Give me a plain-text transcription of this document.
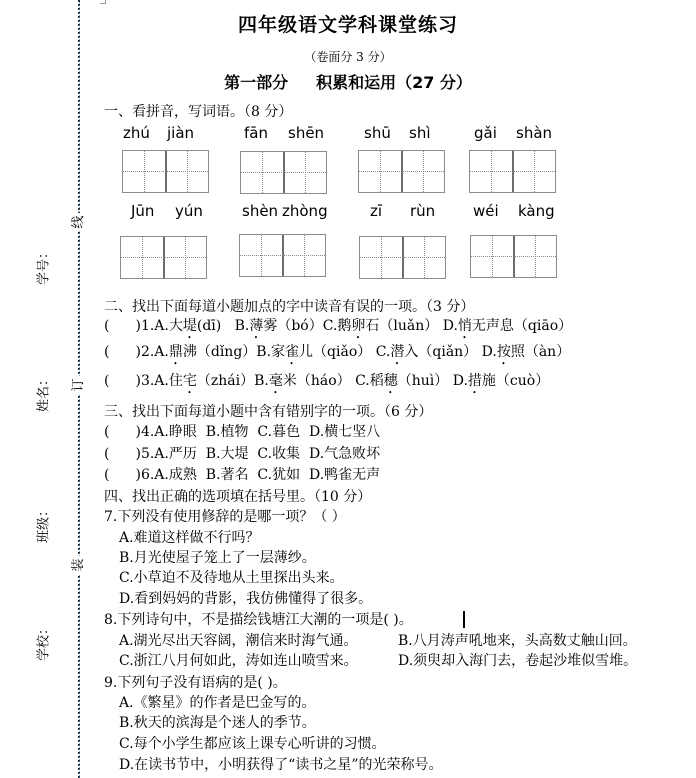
线
订
装
学号：
姓名：
班级：
学校：
四年级语文学科课堂练习
（卷面分 3 分）
第一部分 积累和运用（27 分）
一、看拼音，写词语。（8 分）
zhú jiàn	fān shēn	shū shì	gǎi shàn
Jūn yún	shèn zhòng	zī rùn	wéi kàng
二、找出下面每道小题加点的字中读音有误的一项。（3 分）
( )1.A.大堤(dī) B.薄雾（bó）C.鹅卵石（luǎn） D.悄无声息（qiāo）
( )2.A.鼎沸（dǐng）B.家雀儿（qiǎo） C.潜入（qiǎn） D.按照（àn）
( )3.A.住宅（zhái）B.毫米（háo） C.稻穗（huì） D.措施（cuò）
三、找出下面每道小题中含有错别字的一项。（6 分）
( )4.A.睁眼 B.植物 C.暮色 D.横七坚八
( )5.A.严历 B.大堤 C.收集 D.气急败坏
( )6.A.成熟 B.著名 C.犹如 D.鸭雀无声
四、找出正确的选项填在括号里。（10 分）
7.下列没有使用修辞的是哪一项？（ ）
A.难道这样做不行吗？
B.月光使屋子笼上了一层薄纱。
C.小草迫不及待地从土里探出头来。
D.看到妈妈的背影，我仿佛懂得了很多。
8.下列诗句中，不是描绘钱塘江大潮的一项是( )。
A.湖光尽出天容阔，潮信来时海气通。	B.八月涛声吼地来，头高数丈触山回。
C.浙江八月何如此，涛如连山喷雪来。	D.须臾却入海门去，卷起沙堆似雪堆。
9.下列句子没有语病的是( )。
A.《繁星》的作者是巴金写的。
B.秋天的滨海是个迷人的季节。
C.每个小学生都应该上课专心听讲的习惯。
D.在读书节中，小明获得了“读书之星”的光荣称号。
